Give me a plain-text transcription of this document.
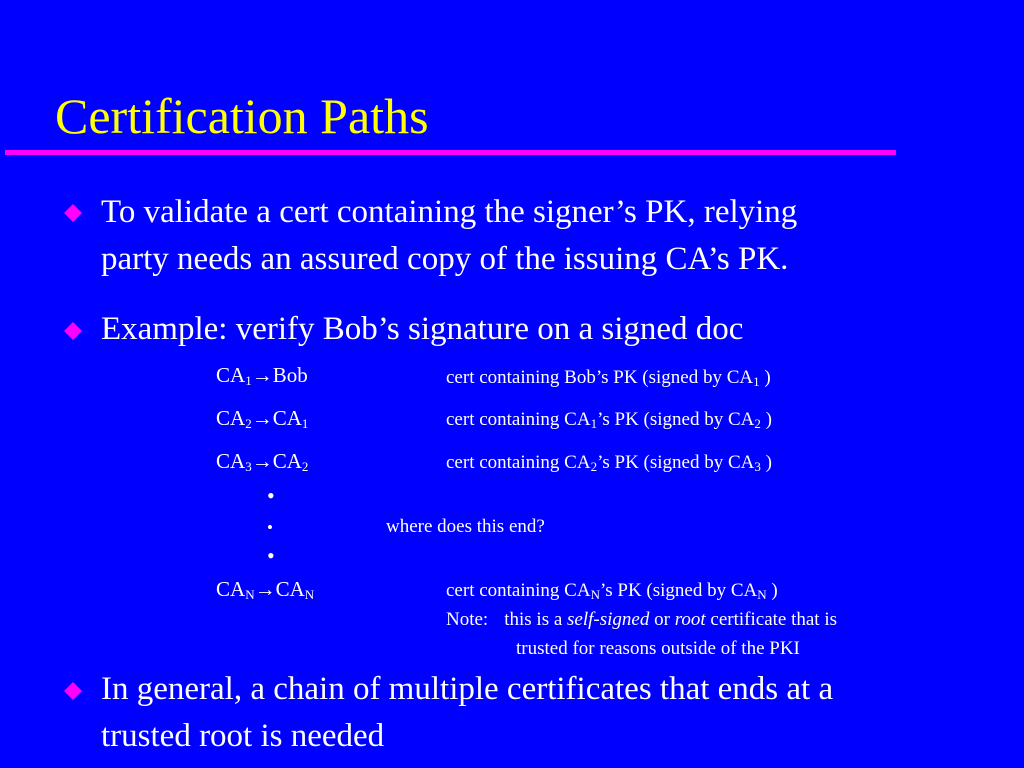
Certification Paths
To validate a cert containing the signer’s PK, relying
party needs an assured copy of the issuing CA’s PK.
Example: verify Bob’s signature on a signed doc
$CA_1\to Bob$
$CA_2\to CA_1$
$CA_3\to CA_2$
$CA_N\to CA_N$
cert containing Bob’s PK (signed by $CA_1$ )
cert containing $CA_1’s$ PK (signed by $CA_2$ )
cert containing $CA_2’s$ PK (signed by $CA_3$ )
cert containing $CA_N’s$ PK (signed by $CA_N$ )
•
•
•
where does this end?
Note: this is a self-signed or root certificate that is
trusted for reasons outside of the PKI
In general, a chain of multiple certificates that ends at a
trusted root is needed
